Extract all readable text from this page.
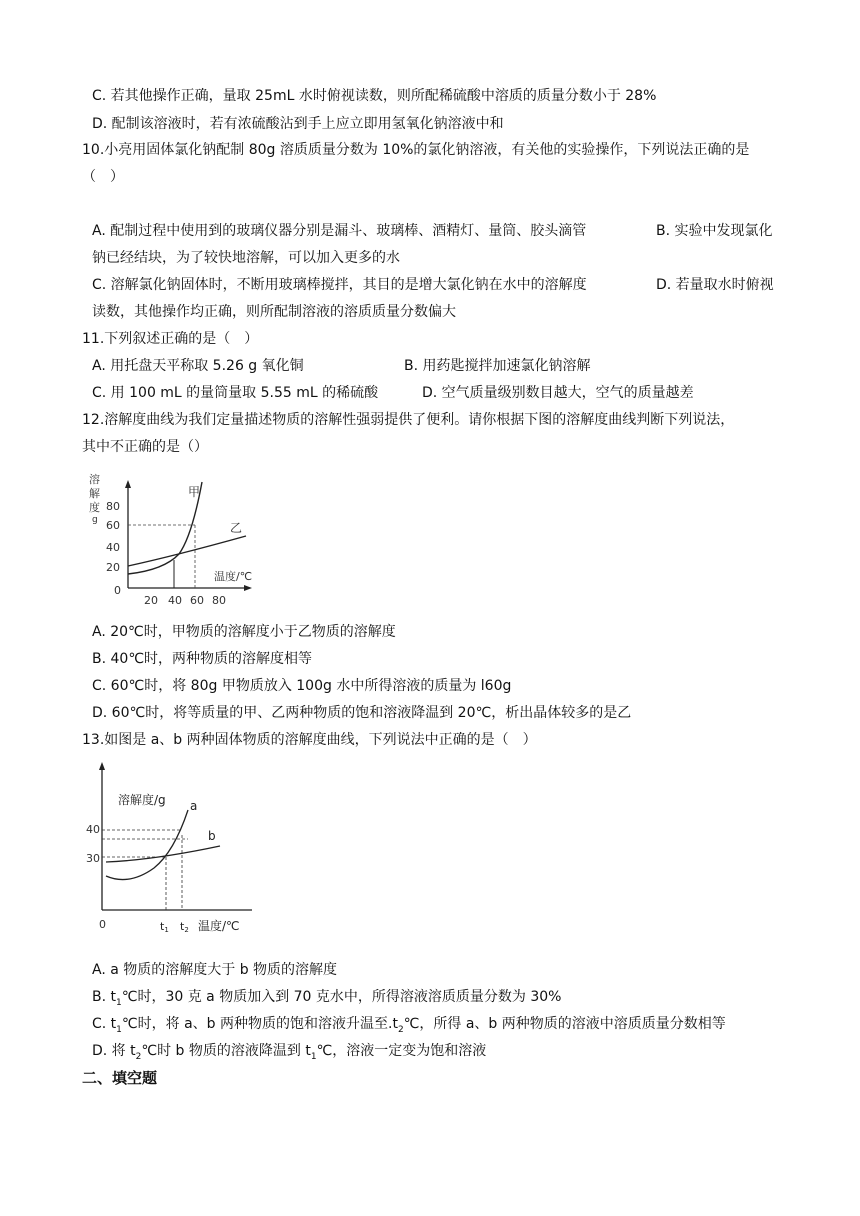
C. 若其他操作正确，量取 25mL 水时俯视读数，则所配稀硫酸中溶质的质量分数小于 28%
D. 配制该溶液时，若有浓硫酸沾到手上应立即用氢氧化钠溶液中和
10.小亮用固体氯化钠配制 80g 溶质质量分数为 10%的氯化钠溶液，有关他的实验操作，下列说法正确的是
（　）
A. 配制过程中使用到的玻璃仪器分别是漏斗、玻璃棒、酒精灯、量筒、胶头滴管	B. 实验中发现氯化
钠已经结块，为了较快地溶解，可以加入更多的水
C. 溶解氯化钠固体时，不断用玻璃棒搅拌，其目的是增大氯化钠在水中的溶解度	D. 若量取水时俯视
读数，其他操作均正确，则所配制溶液的溶质质量分数偏大
11.下列叙述正确的是（　）
A. 用托盘天平称取 5.26 g 氧化铜	B. 用药匙搅拌加速氯化钠溶解
C. 用 100 mL 的量筒量取 5.55 mL 的稀硫酸	D. 空气质量级别数目越大，空气的质量越差
12.溶解度曲线为我们定量描述物质的溶解性强弱提供了便利。请你根据下图的溶解度曲线判断下列说法，
其中不正确的是（）
溶
解
度
g
80
60
40
20
0
20 40 60 80
温度/℃
甲
乙
A. 20℃时，甲物质的溶解度小于乙物质的溶解度
B. 40℃时，两种物质的溶解度相等
C. 60℃时，将 80g 甲物质放入 100g 水中所得溶液的质量为 l60g
D. 60℃时，将等质量的甲、乙两种物质的饱和溶液降温到 20℃，析出晶体较多的是乙
13.如图是 a、b 两种固体物质的溶解度曲线，下列说法中正确的是（　）
溶解度/g
40
30
0
a
b
t1 t2 温度/℃
A. a 物质的溶解度大于 b 物质的溶解度
B. $t_1℃$时，30 克 a 物质加入到 70 克水中，所得溶液溶质质量分数为 30%
C. $t_1℃$时，将 a、b 两种物质的饱和溶液升温至$.t_2℃$，所得 a、b 两种物质的溶液中溶质质量分数相等
D. 将 $t_2℃$时 b 物质的溶液降温到 $t_1℃$，溶液一定变为饱和溶液
二、填空题
